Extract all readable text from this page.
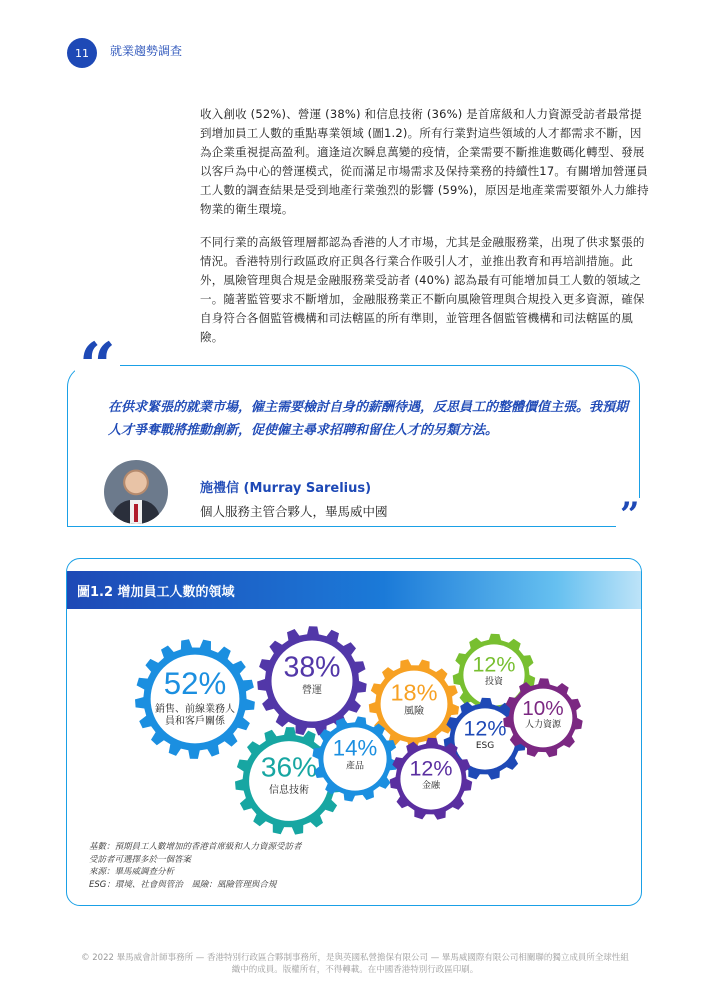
11 就業趨勢調查

收入創收 (52%)、營運 (38%) 和信息技術 (36%) 是首席級和人力資源受訪者最常提到增加員工人數的重點專業領域 (圖1.2)。所有行業對這些領域的人才都需求不斷，因為企業重視提高盈利。適逢這次瞬息萬變的疫情，企業需要不斷推進數碼化轉型、發展以客戶為中心的營運模式，從而滿足市場需求及保持業務的持續性17。有關增加營運員工人數的調查結果是受到地產行業強烈的影響 (59%)，原因是地產業需要額外人力維持物業的衛生環境。

不同行業的高級管理層都認為香港的人才市場，尤其是金融服務業，出現了供求緊張的情況。香港特別行政區政府正與各行業合作吸引人才，並推出教育和再培訓措施。此外，風險管理與合規是金融服務業受訪者 (40%) 認為最有可能增加員工人數的領域之一。隨著監管要求不斷增加，金融服務業正不斷向風險管理與合規投入更多資源，確保自身符合各個監管機構和司法轄區的所有準則，並管理各個監管機構和司法轄區的風險。

“
”
在供求緊張的就業市場，僱主需要檢討自身的薪酬待遇，反思員工的整體價值主張。我預期人才爭奪戰將推動創新，促使僱主尋求招聘和留住人才的另類方法。
施禮信 (Murray Sarelius)
個人服務主管合夥人，畢馬威中國
圖1.2 增加員工人數的領域
52%
銷售、前線業務人
員和客戶關係
38%
營運
36%
信息技術
18%
風險
14%
產品
12%
投資
12%
ESG
12%
金融
10%
人力資源
基數：預期員工人數增加的香港首席級和人力資源受訪者
受訪者可選擇多於一個答案
來源：畢馬威調查分析
ESG：環境、社會與管治　風險：風險管理與合規
© 2022 畢馬威會計師事務所 — 香港特別行政區合夥制事務所，是與英國私營擔保有限公司 — 畢馬威國際有限公司相關聯的獨立成員所全球性組
織中的成員。版權所有，不得轉載。在中國香港特別行政區印刷。
